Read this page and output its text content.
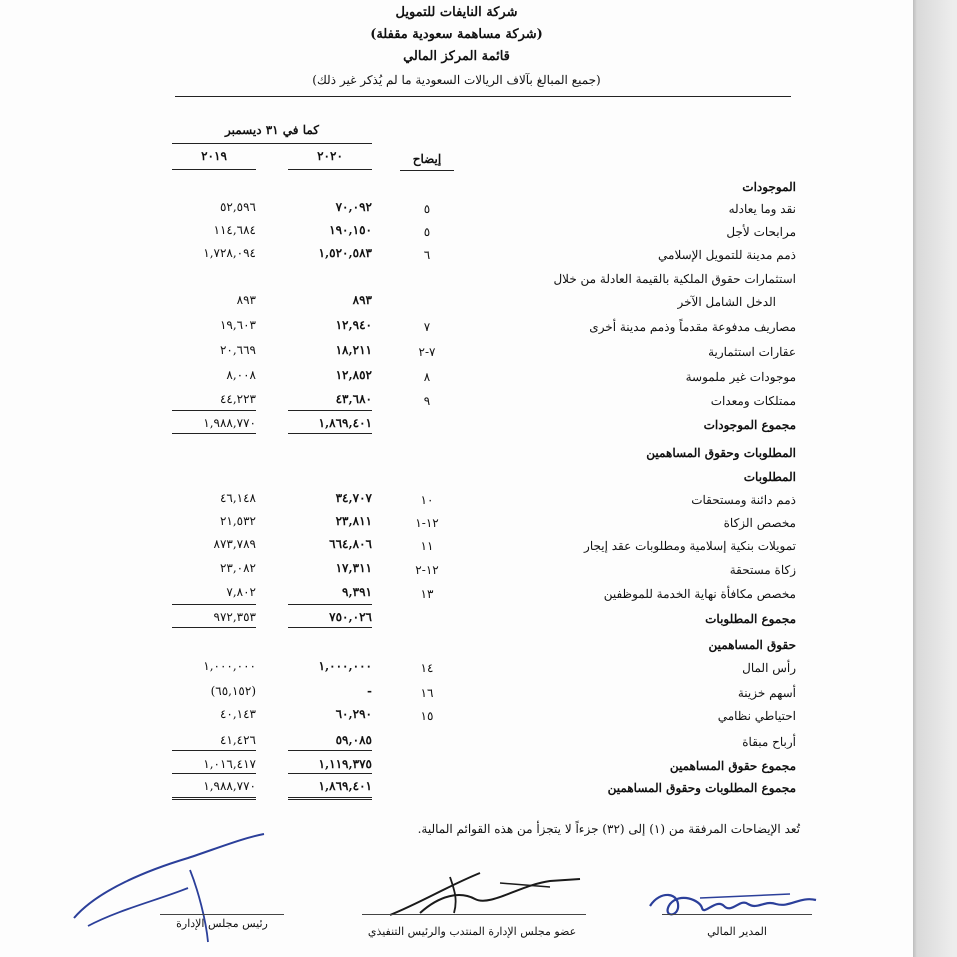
شركة النايفات للتمويل
(شركة مساهمة سعودية مقفلة)
قائمة المركز المالي
(جميع المبالغ بآلاف الريالات السعودية ما لم يُذكر غير ذلك)
كما في ٣١ ديسمبر
٢٠٢٠
٢٠١٩	إيضاح
الموجودات
نقد وما يعادله
٥
٧٠,٠٩٢
٥٢,٥٩٦
مرابحات لأجل
٥
١٩٠,١٥٠
١١٤,٦٨٤
ذمم مدينة للتمويل الإسلامي
٦
١,٥٢٠,٥٨٣
١,٧٢٨,٠٩٤
استثمارات حقوق الملكية بالقيمة العادلة من خلال
الدخل الشامل الآخر
٨٩٣
٨٩٣
مصاريف مدفوعة مقدماً وذمم مدينة أخرى
٧
١٢,٩٤٠
١٩,٦٠٣
عقارات استثمارية
٧-٢
١٨,٢١١
٢٠,٦٦٩
موجودات غير ملموسة
٨
١٢,٨٥٢
٨,٠٠٨
ممتلكات ومعدات
٩
٤٣,٦٨٠
٤٤,٢٢٣
مجموع الموجودات
١,٨٦٩,٤٠١
١,٩٨٨,٧٧٠
المطلوبات وحقوق المساهمين
المطلوبات
ذمم دائنة ومستحقات
١٠
٣٤,٧٠٧
٤٦,١٤٨
مخصص الزكاة
١٢-١
٢٣,٨١١
٢١,٥٣٢
تمويلات بنكية إسلامية ومطلوبات عقد إيجار
١١
٦٦٤,٨٠٦
٨٧٣,٧٨٩
زكاة مستحقة
١٢-٢
١٧,٣١١
٢٣,٠٨٢
مخصص مكافأة نهاية الخدمة للموظفين
١٣
٩,٣٩١
٧,٨٠٢
مجموع المطلوبات
٧٥٠,٠٢٦
٩٧٢,٣٥٣
حقوق المساهمين
رأس المال
١٤
١,٠٠٠,٠٠٠
١,٠٠٠,٠٠٠
أسهم خزينة
١٦
-
(٦٥,١٥٢)
احتياطي نظامي
١٥
٦٠,٢٩٠
٤٠,١٤٣
أرباح مبقاة
٥٩,٠٨٥
٤١,٤٢٦
مجموع حقوق المساهمين
١,١١٩,٣٧٥
١,٠١٦,٤١٧
مجموع المطلوبات وحقوق المساهمين
١,٨٦٩,٤٠١
١,٩٨٨,٧٧٠
تُعد الإيضاحات المرفقة من (١) إلى (٣٢) جزءاً لا يتجزأ من هذه القوائم المالية.
المدير المالي
عضو مجلس الإدارة المنتدب والرئيس التنفيذي
رئيس مجلس الإدارة
